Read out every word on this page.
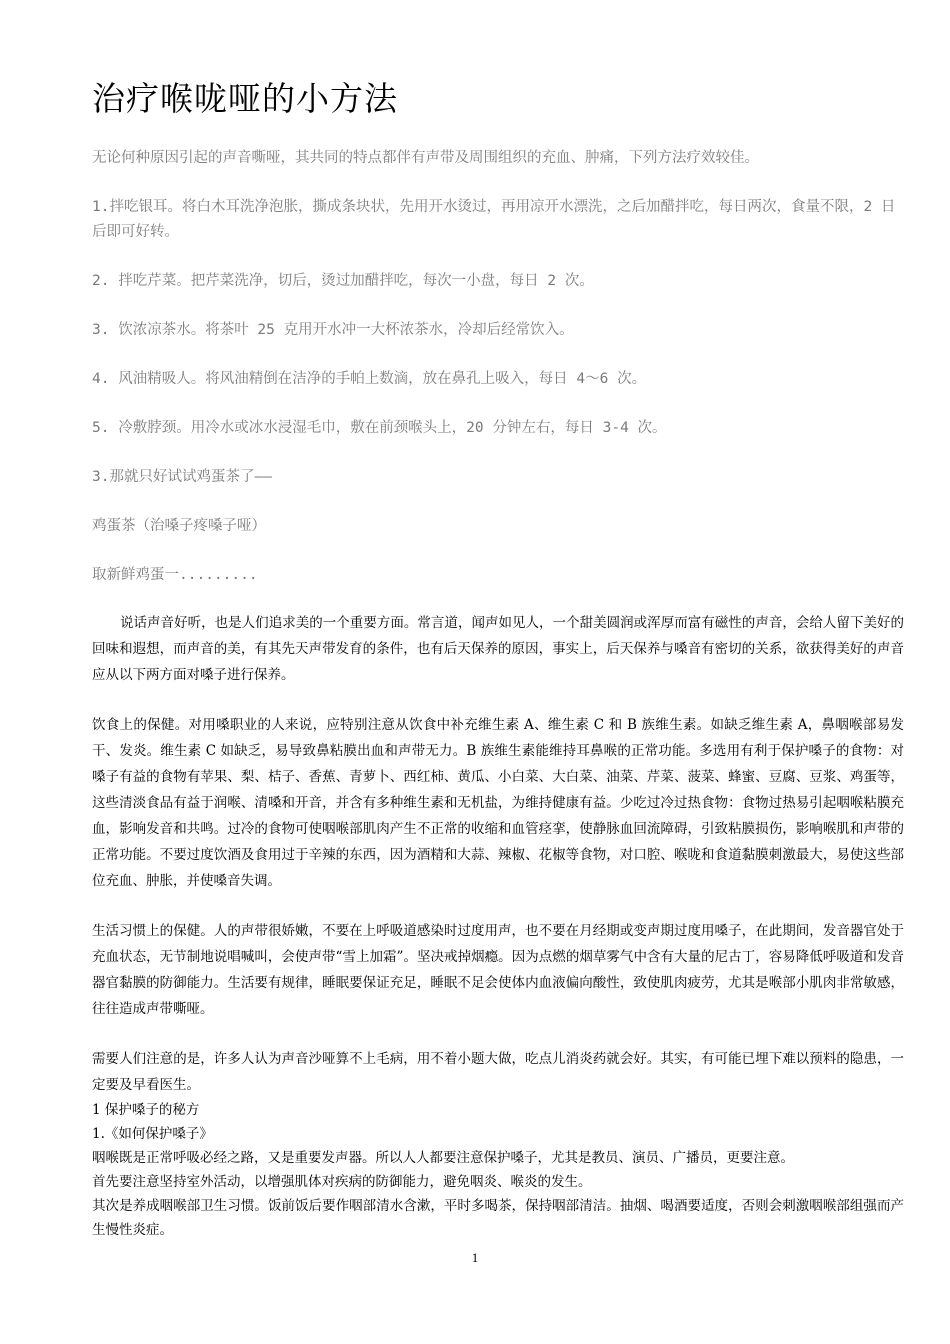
治疗喉咙哑的小方法

无论何种原因引起的声音嘶哑，其共同的特点都伴有声带及周围组织的充血、肿痛，下列方法疗效较佳。

1.拌吃银耳。将白木耳洗净泡胀，撕成条块状，先用开水烫过，再用凉开水漂洗，之后加醋拌吃，每日两次，食量不限，2 日后即可好转。

2. 拌吃芹菜。把芹菜洗净，切后，烫过加醋拌吃，每次一小盘，每日 2 次。

3. 饮浓凉茶水。将茶叶 25 克用开水冲一大杯浓茶水，冷却后经常饮入。

4. 风油精吸人。将风油精倒在洁净的手帕上数滴，放在鼻孔上吸入，每日 4～6 次。

5. 冷敷脖颈。用冷水或冰水浸湿毛巾，敷在前颈喉头上，20 分钟左右，每日 3-4 次。

3.那就只好试试鸡蛋茶了——

鸡蛋茶（治嗓子疼嗓子哑）

取新鲜鸡蛋一.........

说话声音好听，也是人们追求美的一个重要方面。常言道，闻声如见人，一个甜美圆润或浑厚而富有磁性的声音，会给人留下美好的回味和遐想，而声音的美，有其先天声带发育的条件，也有后天保养的原因，事实上，后天保养与嗓音有密切的关系，欲获得美好的声音应从以下两方面对嗓子进行保养。

饮食上的保健。对用嗓职业的人来说，应特别注意从饮食中补充维生素 A、维生素 C 和 B 族维生素。如缺乏维生素 A，鼻咽喉部易发干、发炎。维生素 C 如缺乏，易导致鼻粘膜出血和声带无力。B 族维生素能维持耳鼻喉的正常功能。多选用有利于保护嗓子的食物：对嗓子有益的食物有苹果、梨、桔子、香蕉、青萝卜、西红柿、黄瓜、小白菜、大白菜、油菜、芹菜、菠菜、蜂蜜、豆腐、豆浆、鸡蛋等，这些清淡食品有益于润喉、清嗓和开音，并含有多种维生素和无机盐，为维持健康有益。少吃过冷过热食物：食物过热易引起咽喉粘膜充血，影响发音和共鸣。过冷的食物可使咽喉部肌肉产生不正常的收缩和血管痉挛，使静脉血回流障碍，引致粘膜损伤，影响喉肌和声带的正常功能。不要过度饮酒及食用过于辛辣的东西，因为酒精和大蒜、辣椒、花椒等食物，对口腔、喉咙和食道黏膜刺激最大，易使这些部位充血、肿胀，并使嗓音失调。

生活习惯上的保健。人的声带很娇嫩，不要在上呼吸道感染时过度用声，也不要在月经期或变声期过度用嗓子，在此期间，发音器官处于充血状态，无节制地说唱喊叫，会使声带“雪上加霜”。坚决戒掉烟瘾。因为点燃的烟草雾气中含有大量的尼古丁，容易降低呼吸道和发音器官黏膜的防御能力。生活要有规律，睡眠要保证充足，睡眠不足会使体内血液偏向酸性，致使肌肉疲劳，尤其是喉部小肌肉非常敏感，往往造成声带嘶哑。

需要人们注意的是，许多人认为声音沙哑算不上毛病，用不着小题大做，吃点儿消炎药就会好。其实，有可能已埋下难以预料的隐患，一定要及早看医生。

1 保护嗓子的秘方

1.《如何保护嗓子》

咽喉既是正常呼吸必经之路，又是重要发声器。所以人人都要注意保护嗓子，尤其是教员、演员、广播员，更要注意。

首先要注意坚持室外活动，以增强肌体对疾病的防御能力，避免咽炎、喉炎的发生。

其次是养成咽喉部卫生习惯。饭前饭后要作咽部清水含漱，平时多喝茶，保持咽部清洁。抽烟、喝酒要适度，否则会刺激咽喉部组强而产生慢性炎症。

1
